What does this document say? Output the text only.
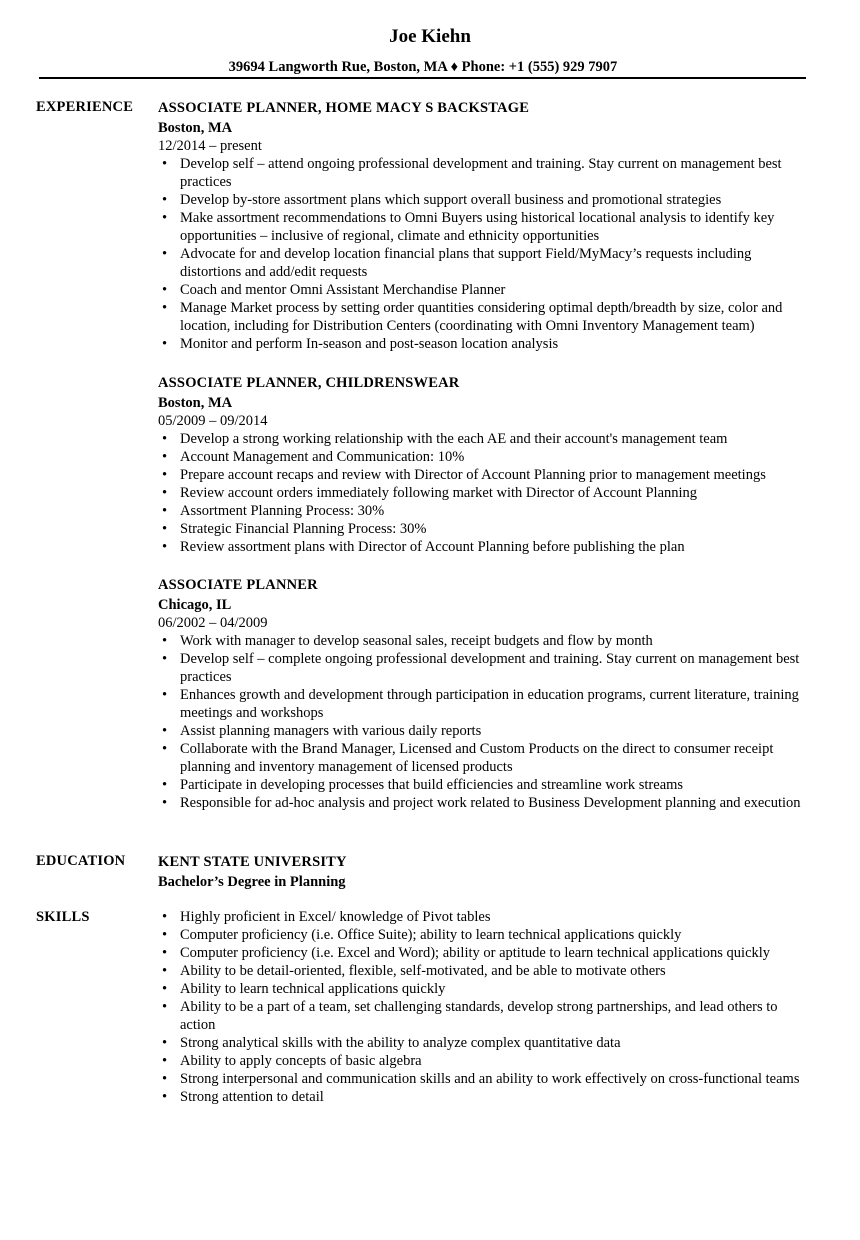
Joe Kiehn
39694 Langworth Rue, Boston, MA ♦ Phone: +1 (555) 929 7907
EXPERIENCE ASSOCIATE PLANNER, HOME MACY S BACKSTAGE
Boston, MA
12/2014 – present
• Develop self – attend ongoing professional development and training. Stay current on management best practices
• Develop by-store assortment plans which support overall business and promotional strategies
• Make assortment recommendations to Omni Buyers using historical locational analysis to identify key opportunities – inclusive of regional, climate and ethnicity opportunities
• Advocate for and develop location financial plans that support Field/MyMacy’s requests including distortions and add/edit requests
• Coach and mentor Omni Assistant Merchandise Planner
• Manage Market process by setting order quantities considering optimal depth/breadth by size, color and location, including for Distribution Centers (coordinating with Omni Inventory Management team)
• Monitor and perform In-season and post-season location analysis
ASSOCIATE PLANNER, CHILDRENSWEAR
Boston, MA
05/2009 – 09/2014
• Develop a strong working relationship with the each AE and their account's management team
• Account Management and Communication: 10%
• Prepare account recaps and review with Director of Account Planning prior to management meetings
• Review account orders immediately following market with Director of Account Planning
• Assortment Planning Process: 30%
• Strategic Financial Planning Process: 30%
• Review assortment plans with Director of Account Planning before publishing the plan
ASSOCIATE PLANNER
Chicago, IL
06/2002 – 04/2009
• Work with manager to develop seasonal sales, receipt budgets and flow by month
• Develop self – complete ongoing professional development and training. Stay current on management best practices
• Enhances growth and development through participation in education programs, current literature, training meetings and workshops
• Assist planning managers with various daily reports
• Collaborate with the Brand Manager, Licensed and Custom Products on the direct to consumer receipt planning and inventory management of licensed products
• Participate in developing processes that build efficiencies and streamline work streams
• Responsible for ad-hoc analysis and project work related to Business Development planning and execution
EDUCATION KENT STATE UNIVERSITY
Bachelor’s Degree in Planning
SKILLS
•	Highly proficient in Excel/ knowledge of Pivot tables
• Computer proficiency (i.e. Office Suite); ability to learn technical applications quickly
• Computer proficiency (i.e. Excel and Word); ability or aptitude to learn technical applications quickly
• Ability to be detail-oriented, flexible, self-motivated, and be able to motivate others
• Ability to learn technical applications quickly
• Ability to be a part of a team, set challenging standards, develop strong partnerships, and lead others to action
• Strong analytical skills with the ability to analyze complex quantitative data
• Ability to apply concepts of basic algebra
• Strong interpersonal and communication skills and an ability to work effectively on cross-functional teams
• Strong attention to detail
